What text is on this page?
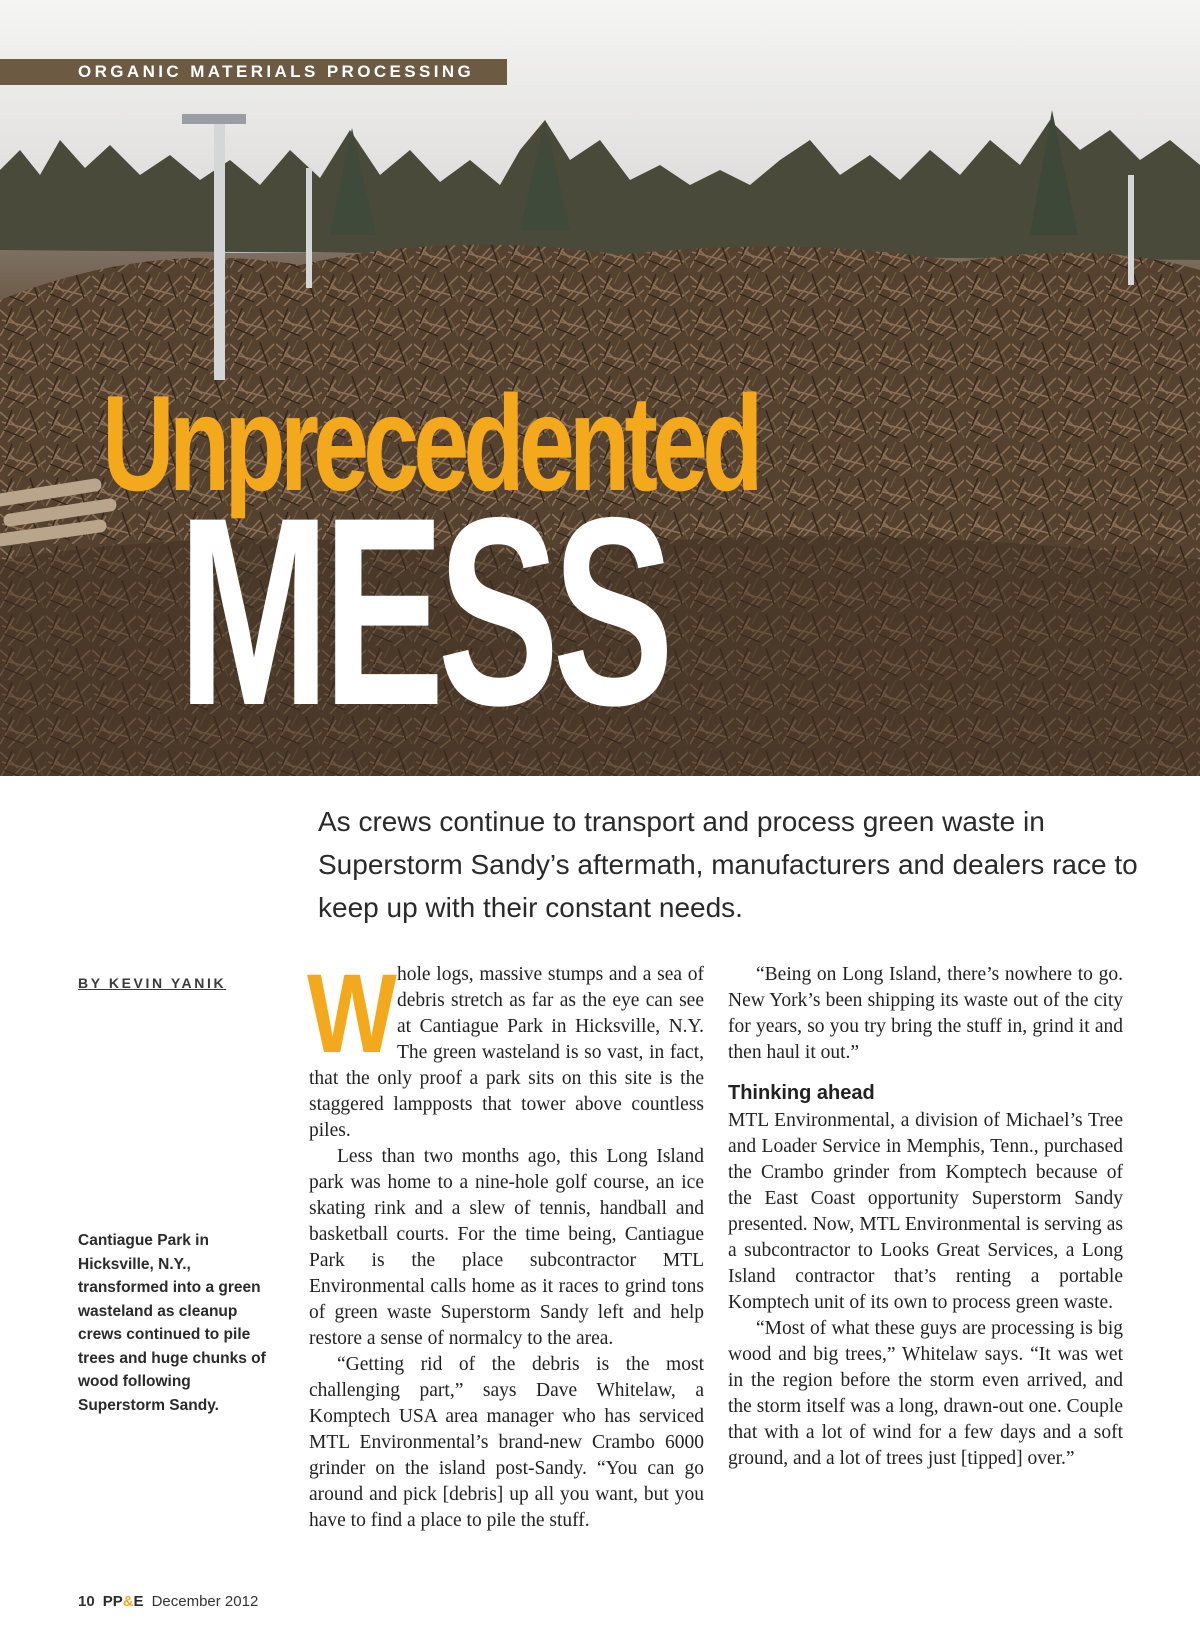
ORGANIC MATERIALS PROCESSING
Unprecedented
MESS

As crews continue to transport and process green waste in Superstorm Sandy’s aftermath, manufacturers and dealers race to keep up with their constant needs.

BY KEVIN YANIK

Cantiague Park in Hicksville, N.Y., transformed into a green wasteland as cleanup crews continued to pile trees and huge chunks of wood following Superstorm Sandy.

Whole logs, massive stumps and a sea of debris stretch as far as the eye can see at Cantiague Park in Hicksville, N.Y. The green wasteland is so vast, in fact, that the only proof a park sits on this site is the staggered lampposts that tower above countless piles.

Less than two months ago, this Long Island park was home to a nine-hole golf course, an ice skating rink and a slew of tennis, handball and basketball courts. For the time being, Cantiague Park is the place subcontractor MTL Environmental calls home as it races to grind tons of green waste Superstorm Sandy left and help restore a sense of normalcy to the area.

“Getting rid of the debris is the most challenging part,” says Dave Whitelaw, a Komptech USA area manager who has serviced MTL Environmental’s brand-new Crambo 6000 grinder on the island post-Sandy. “You can go around and pick [debris] up all you want, but you have to find a place to pile the stuff.

“Being on Long Island, there’s nowhere to go. New York’s been shipping its waste out of the city for years, so you try bring the stuff in, grind it and then haul it out.”

Thinking ahead

MTL Environmental, a division of Michael’s Tree and Loader Service in Memphis, Tenn., purchased the Crambo grinder from Komptech because of the East Coast opportunity Superstorm Sandy presented. Now, MTL Environmental is serving as a subcontractor to Looks Great Services, a Long Island contractor that’s renting a portable Komptech unit of its own to process green waste.

“Most of what these guys are processing is big wood and big trees,” Whitelaw says. “It was wet in the region before the storm even arrived, and the storm itself was a long, drawn-out one. Couple that with a lot of wind for a few days and a soft ground, and a lot of trees just [tipped] over.”

10 PP&E December 2012
